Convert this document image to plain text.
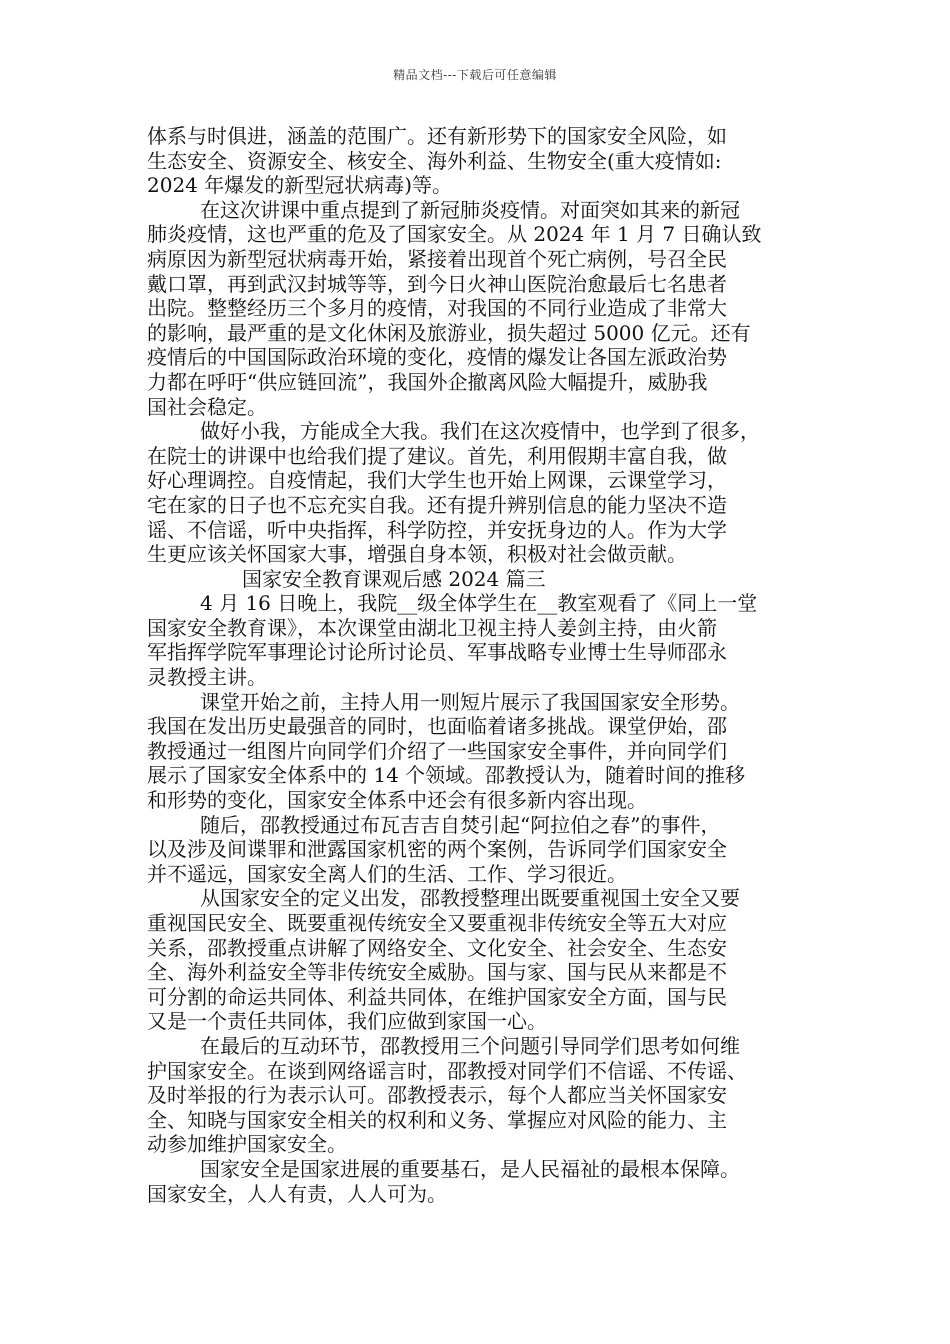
精品文档---下载后可任意编辑
体系与时俱进，涵盖的范围广。还有新形势下的国家安全风险，如
生态安全、资源安全、核安全、海外利益、生物安全(重大疫情如:
2024 年爆发的新型冠状病毒)等。
在这次讲课中重点提到了新冠肺炎疫情。对面突如其来的新冠
肺炎疫情，这也严重的危及了国家安全。从 2024 年 1 月 7 日确认致
病原因为新型冠状病毒开始，紧接着出现首个死亡病例，号召全民
戴口罩，再到武汉封城等等，到今日火神山医院治愈最后七名患者
出院。整整经历三个多月的疫情，对我国的不同行业造成了非常大
的影响，最严重的是文化休闲及旅游业，损失超过 5000 亿元。还有
疫情后的中国国际政治环境的变化，疫情的爆发让各国左派政治势
力都在呼吁“供应链回流”，我国外企撤离风险大幅提升，威胁我
国社会稳定。
做好小我，方能成全大我。我们在这次疫情中，也学到了很多，
在院士的讲课中也给我们提了建议。首先，利用假期丰富自我，做
好心理调控。自疫情起，我们大学生也开始上网课，云课堂学习，
宅在家的日子也不忘充实自我。还有提升辨别信息的能力坚决不造
谣、不信谣，听中央指挥，科学防控，并安抚身边的人。作为大学
生更应该关怀国家大事，增强自身本领，积极对社会做贡献。
国家安全教育课观后感 2024 篇三
4 月 16 日晚上，我院__级全体学生在__教室观看了《同上一堂
国家安全教育课》，本次课堂由湖北卫视主持人姜剑主持，由火箭
军指挥学院军事理论讨论所讨论员、军事战略专业博士生导师邵永
灵教授主讲。
课堂开始之前，主持人用一则短片展示了我国国家安全形势。
我国在发出历史最强音的同时，也面临着诸多挑战。课堂伊始，邵
教授通过一组图片向同学们介绍了一些国家安全事件，并向同学们
展示了国家安全体系中的 14 个领域。邵教授认为，随着时间的推移
和形势的变化，国家安全体系中还会有很多新内容出现。
随后，邵教授通过布瓦吉吉自焚引起“阿拉伯之春”的事件，
以及涉及间谍罪和泄露国家机密的两个案例，告诉同学们国家安全
并不遥远，国家安全离人们的生活、工作、学习很近。
从国家安全的定义出发，邵教授整理出既要重视国土安全又要
重视国民安全、既要重视传统安全又要重视非传统安全等五大对应
关系，邵教授重点讲解了网络安全、文化安全、社会安全、生态安
全、海外利益安全等非传统安全威胁。国与家、国与民从来都是不
可分割的命运共同体、利益共同体，在维护国家安全方面，国与民
又是一个责任共同体，我们应做到家国一心。
在最后的互动环节，邵教授用三个问题引导同学们思考如何维
护国家安全。在谈到网络谣言时，邵教授对同学们不信谣、不传谣、
及时举报的行为表示认可。邵教授表示，每个人都应当关怀国家安
全、知晓与国家安全相关的权利和义务、掌握应对风险的能力、主
动参加维护国家安全。
国家安全是国家进展的重要基石，是人民福祉的最根本保障。
国家安全，人人有责，人人可为。
